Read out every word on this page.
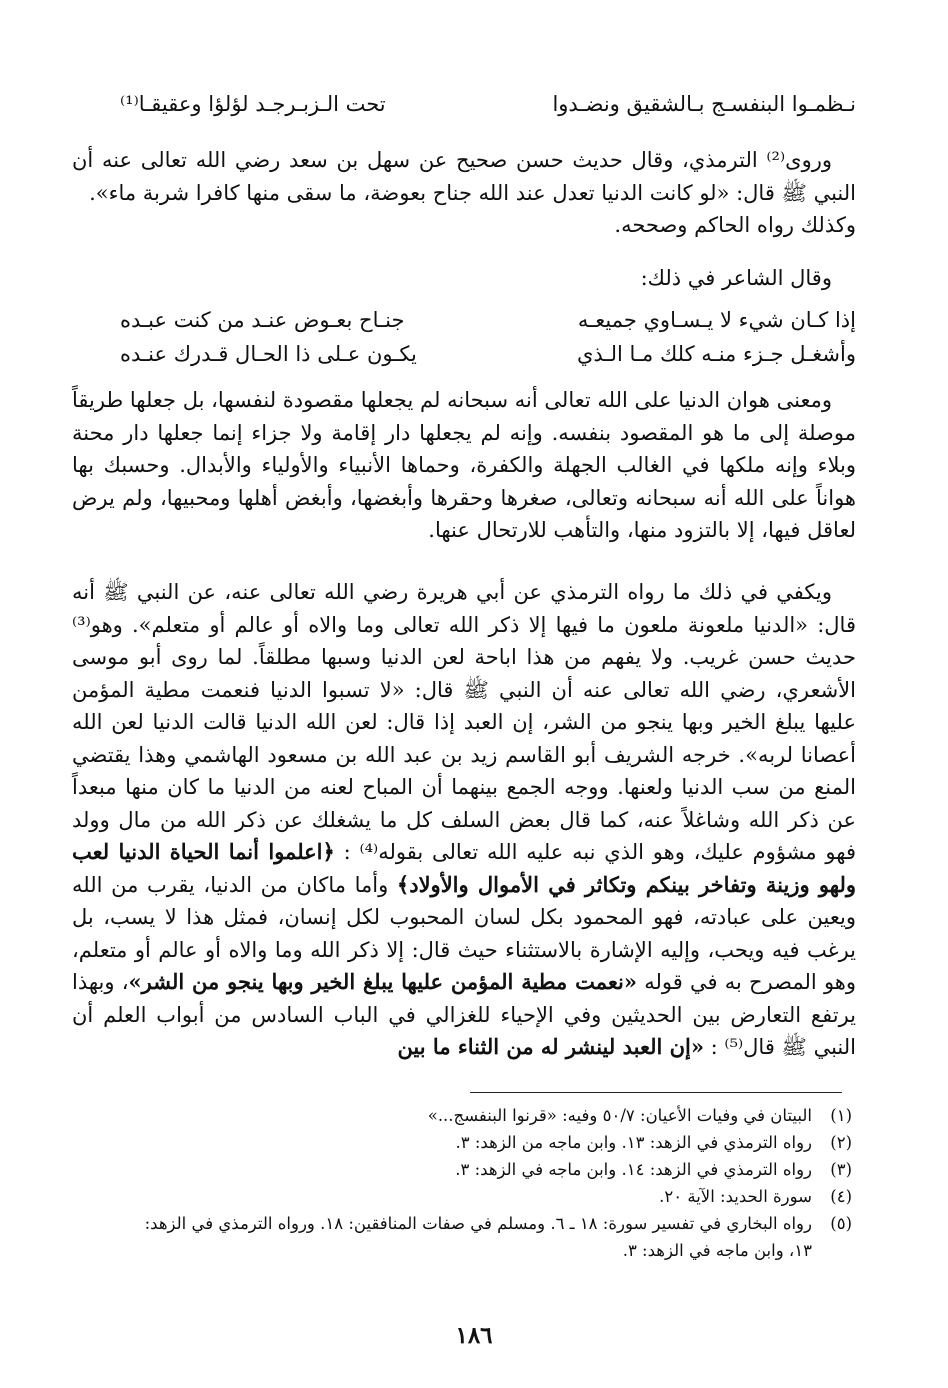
نـظمـوا البنفسـج بـالشقيق ونضـدوا
تحت الـزبـرجـد لؤلؤا وعقيقـا⁽¹⁾

وروى⁽²⁾ الترمذي، وقال حديث حسن صحيح عن سهل بن سعد رضي الله تعالى عنه أن النبي ﷺ قال: «لو كانت الدنيا تعدل عند الله جناح بعوضة، ما سقى منها كافرا شربة ماء».

وكذلك رواه الحاكم وصححه.

وقال الشاعر في ذلك:

إذا كـان شيء لا يـسـاوي جميعـه
جنـاح بعـوض عنـد من كنت عبـده
وأشغـل جـزء منـه كلك مـا الـذي
يكـون عـلى ذا الحـال قـدرك عنـده

ومعنى هوان الدنيا على الله تعالى أنه سبحانه لم يجعلها مقصودة لنفسها، بل جعلها طريقاً موصلة إلى ما هو المقصود بنفسه. وإنه لم يجعلها دار إقامة ولا جزاء إنما جعلها دار محنة وبلاء وإنه ملكها في الغالب الجهلة والكفرة، وحماها الأنبياء والأولياء والأبدال. وحسبك بها هواناً على الله أنه سبحانه وتعالى، صغرها وحقرها وأبغضها، وأبغض أهلها ومحبيها، ولم يرض لعاقل فيها، إلا بالتزود منها، والتأهب للارتحال عنها.

ويكفي في ذلك ما رواه الترمذي عن أبي هريرة رضي الله تعالى عنه، عن النبي ﷺ أنه قال: «الدنيا ملعونة ملعون ما فيها إلا ذكر الله تعالى وما والاه أو عالم أو متعلم». وهو⁽³⁾ حديث حسن غريب. ولا يفهم من هذا اباحة لعن الدنيا وسبها مطلقاً. لما روى أبو موسى الأشعري، رضي الله تعالى عنه أن النبي ﷺ قال: «لا تسبوا الدنيا فنعمت مطية المؤمن عليها يبلغ الخير وبها ينجو من الشر، إن العبد إذا قال: لعن الله الدنيا قالت الدنيا لعن الله أعصانا لربه». خرجه الشريف أبو القاسم زيد بن عبد الله بن مسعود الهاشمي وهذا يقتضي المنع من سب الدنيا ولعنها. ووجه الجمع بينهما أن المباح لعنه من الدنيا ما كان منها مبعداً عن ذكر الله وشاغلاً عنه، كما قال بعض السلف كل ما يشغلك عن ذكر الله من مال وولد فهو مشؤوم عليك، وهو الذي نبه عليه الله تعالى بقوله⁽⁴⁾ : ﴿اعلموا أنما الحياة الدنيا لعب ولهو وزينة وتفاخر بينكم وتكاثر في الأموال والأولاد﴾ وأما ماكان من الدنيا، يقرب من الله ويعين على عبادته، فهو المحمود بكل لسان المحبوب لكل إنسان، فمثل هذا لا يسب، بل يرغب فيه ويحب، وإليه الإشارة بالاستثناء حيث قال: إلا ذكر الله وما والاه أو عالم أو متعلم، وهو المصرح به في قوله «نعمت مطية المؤمن عليها يبلغ الخير وبها ينجو من الشر»، وبهذا يرتفع التعارض بين الحديثين وفي الإحياء للغزالي في الباب السادس من أبواب العلم أن النبي ﷺ قال⁽⁵⁾ : «إن العبد لينشر له من الثناء ما بين

(١)
البيتان في وفيات الأعيان: ٥٠/٧ وفيه: «قرنوا البنفسج...»
(٢)
رواه الترمذي في الزهد: ١٣. وابن ماجه من الزهد: ٣.
(٣)
رواه الترمذي في الزهد: ١٤. وابن ماجه في الزهد: ٣.
(٤)
سورة الحديد: الآية ٢٠.
(٥)
رواه البخاري في تفسير سورة: ١٨ ـ ٦. ومسلم في صفات المنافقين: ١٨. ورواه الترمذي في الزهد:
١٣، وابن ماجه في الزهد: ٣.
١٨٦
